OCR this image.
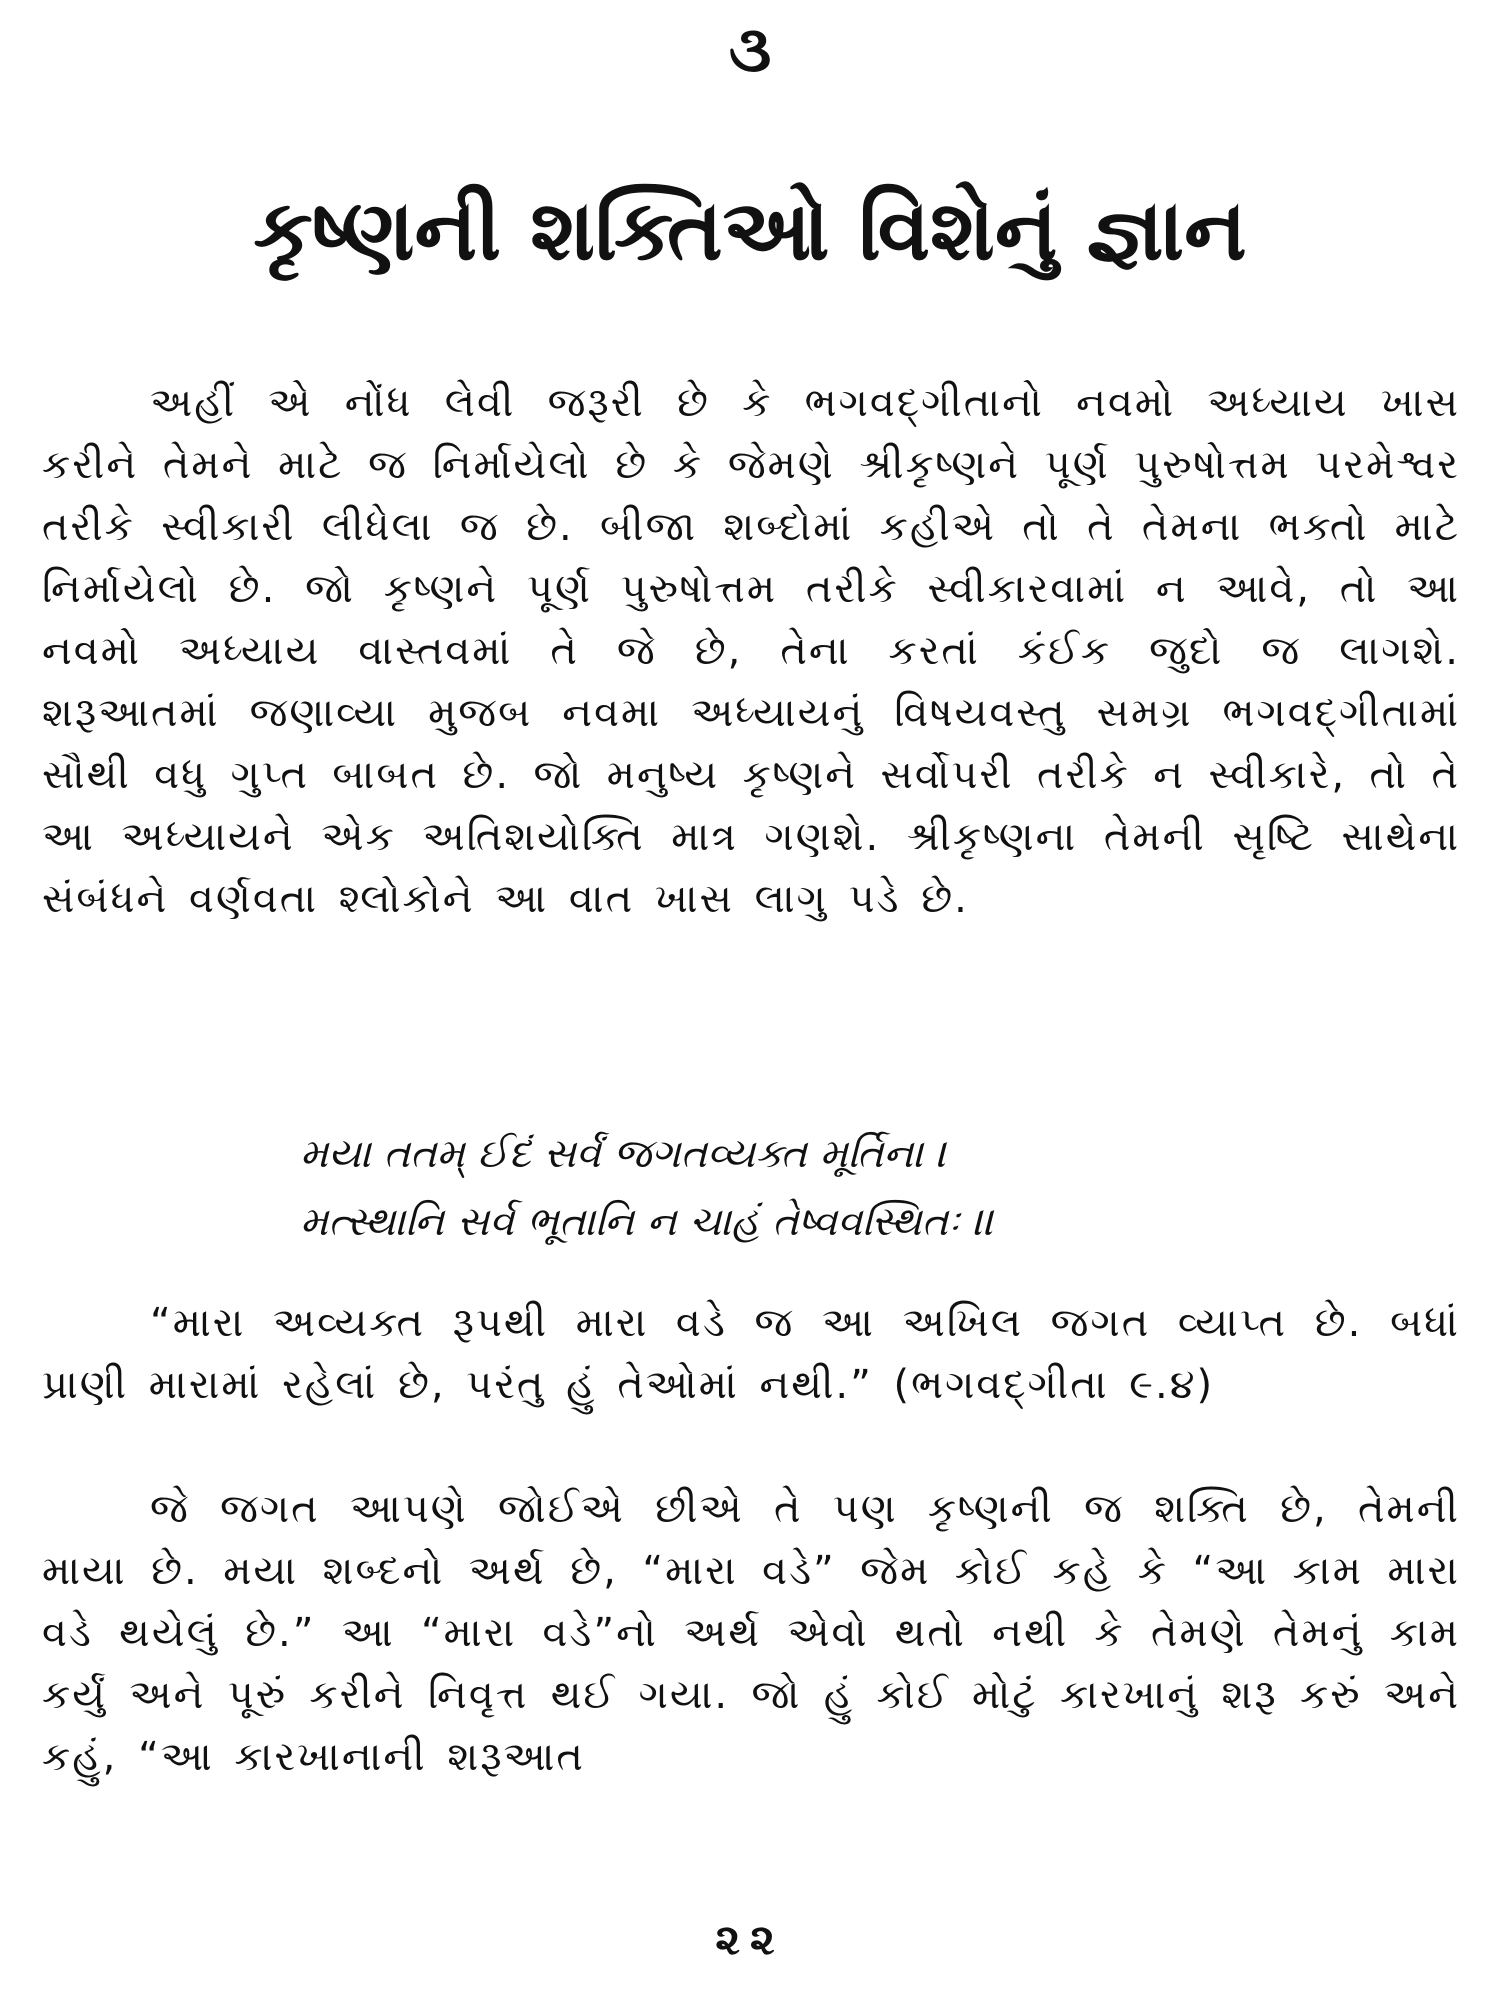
૩
કૃષ્ણની શક્તિઓ વિશેનું જ્ઞાન

અહીં એ નોંધ લેવી જરૂરી છે કે ભગવદ્‌ગીતાનો નવમો અધ્યાય ખાસ કરીને તેમને માટે જ નિર્માયેલો છે કે જેમણે શ્રીકૃષ્ણને પૂર્ણ પુરુષોત્તમ પરમેશ્વર તરીકે સ્વીકારી લીધેલા જ છે. બીજા શબ્દોમાં કહીએ તો તે તેમના ભક્તો માટે નિર્માયેલો છે. જો કૃષ્ણને પૂર્ણ પુરુષોત્તમ તરીકે સ્વીકારવામાં ન આવે, તો આ નવમો અધ્યાય વાસ્તવમાં તે જે છે, તેના કરતાં કંઈક જુદો જ લાગશે. શરૂઆતમાં જણાવ્યા મુજબ નવમા અધ્યાયનું વિષયવસ્તુ સમગ્ર ભગવદ્‌ગીતામાં સૌથી વધુ ગુપ્ત બાબત છે. જો મનુષ્ય કૃષ્ણને સર્વોપરી તરીકે ન સ્વીકારે, તો તે આ અધ્યાયને એક અતિશયોક્તિ માત્ર ગણશે. શ્રીકૃષ્ણના તેમની સૃષ્ટિ સાથેના સંબંધને વર્ણવતા શ્લોકોને આ વાત ખાસ લાગુ પડે છે.

મયા તતમ્ ઈદં સર્વં જગતવ્યક્ત મૂર્તિના ।
મત્સ્થાનિ સર્વ ભૂતાનિ ન ચાહં તેષ્વવસ્થિતઃ ।।

“મારા અવ્યક્ત રૂપથી મારા વડે જ આ અખિલ જગત વ્યાપ્ત છે. બધાં પ્રાણી મારામાં રહેલાં છે, પરંતુ હું તેઓમાં નથી.” (ભગવદ્‌ગીતા ૯.૪)

જે જગત આપણે જોઈએ છીએ તે પણ કૃષ્ણની જ શક્તિ છે, તેમની માયા છે. મયા શબ્દનો અર્થ છે, “મારા વડે” જેમ કોઈ કહે કે “આ કામ મારા વડે થયેલું છે.” આ “મારા વડે”નો અર્થ એવો થતો નથી કે તેમણે તેમનું કામ કર્યું અને પૂરું કરીને નિવૃત્ત થઈ ગયા. જો હું કોઈ મોટું કારખાનું શરૂ કરું અને કહું, “આ કારખાનાની શરૂઆત

૨૨
